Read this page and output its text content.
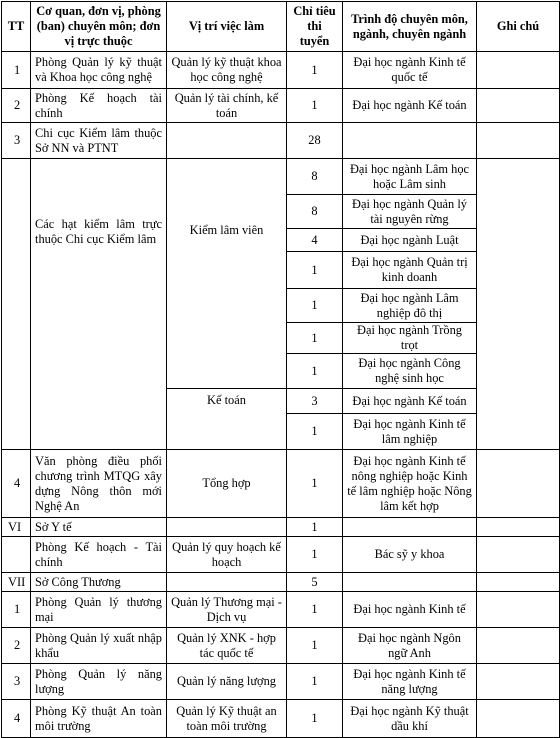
TT	Cơ quan, đơn vị, phòng (ban) chuyên môn; đơn vị trực thuộc	Vị trí việc làm	Chỉ tiêu thi tuyển	Trình độ chuyên môn, ngành, chuyên ngành	Ghi chú
1	Phòng Quản lý kỹ thuật và Khoa học công nghệ	Quản lý kỹ thuật khoa học công nghệ	1	Đại học ngành Kinh tế quốc tế	
2	Phòng Kế hoạch tài chính	Quản lý tài chính, kế toán	1	Đại học ngành Kế toán	
3	Chi cục Kiểm lâm thuộc Sở NN và PTNT		28		
	Các hạt kiểm lâm trực thuộc Chi cục Kiểm lâm	Kiểm lâm viên	8	Đại học ngành Lâm học hoặc Lâm sinh	
			8	Đại học ngành Quản lý tài nguyên rừng	
			4	Đại học ngành Luật	
			1	Đại học ngành Quản trị kinh doanh	
			1	Đại học ngành Lâm nghiệp đô thị	
			1	Đại học ngành Trồng trọt	
			1	Đại học ngành Công nghệ sinh học	
		Kế toán	3	Đại học ngành Kế toán	
			1	Đại học ngành Kinh tế lâm nghiệp	
4	Văn phòng điều phối chương trình MTQG xây dựng Nông thôn mới Nghệ An	Tổng hợp	1	Đại học ngành Kinh tế nông nghiệp hoặc Kinh tế lâm nghiệp hoặc Nông lâm kết hợp	
VI	Sở Y tế		1		
	Phòng Kế hoạch - Tài chính	Quản lý quy hoạch kế hoạch	1	Bác sỹ y khoa	
VII	Sở Công Thương		5		
1	Phòng Quản lý thương mại	Quản lý Thương mại - Dịch vụ	1	Đại học ngành Kinh tế	
2	Phòng Quản lý xuất nhập khẩu	Quản lý XNK - hợp tác quốc tế	1	Đại học ngành Ngôn ngữ Anh	
3	Phòng Quản lý năng lượng	Quản lý năng lượng	1	Đại học ngành Kinh tế năng lượng	
4	Phòng Kỹ thuật An toàn môi trường	Quản lý Kỹ thuật an toàn môi trường	1	Đại học ngành Kỹ thuật dầu khí	
